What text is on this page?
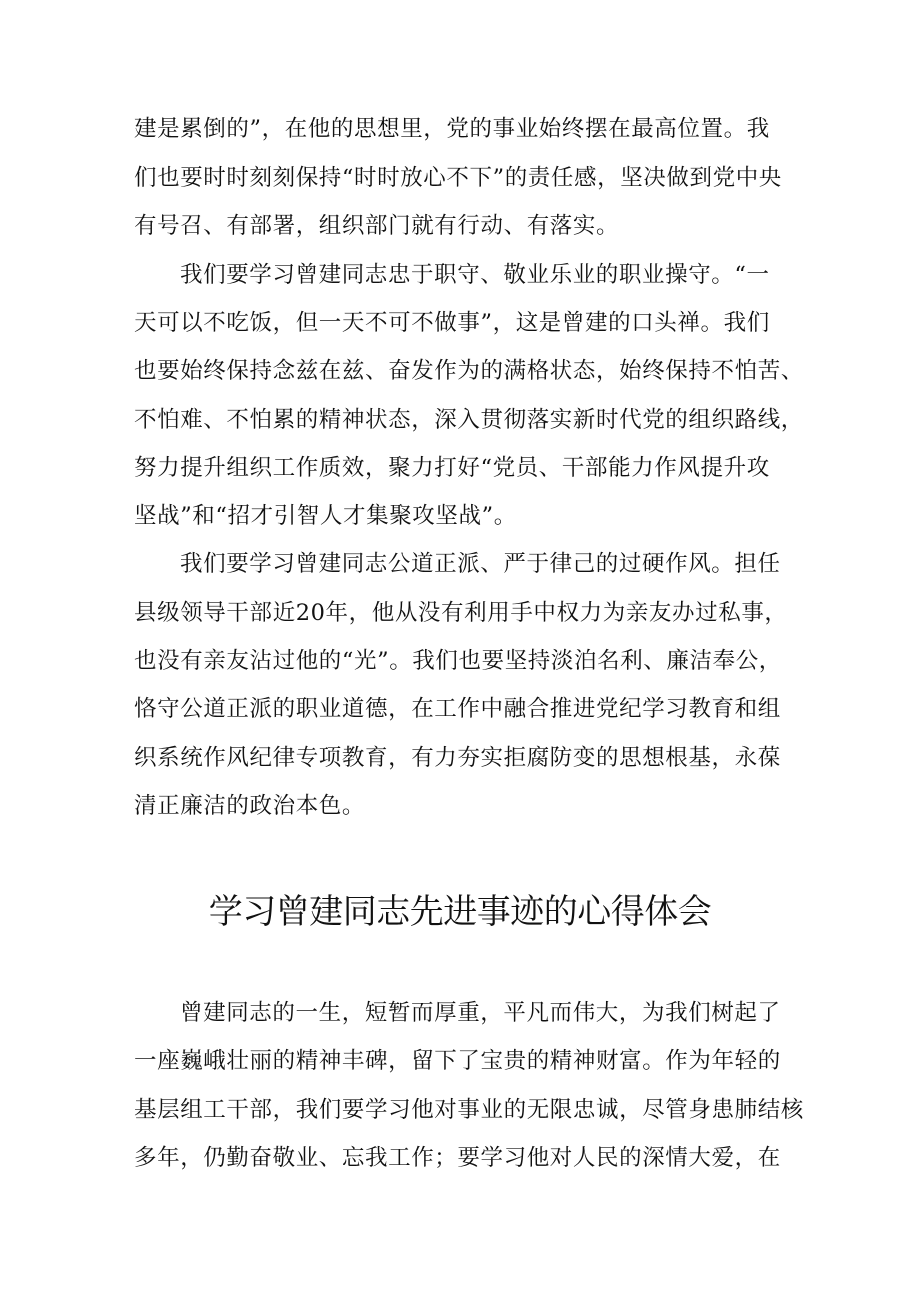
建是累倒的”，在他的思想里，党的事业始终摆在最高位置。我
们也要时时刻刻保持“时时放心不下”的责任感，坚决做到党中央
有号召、有部署，组织部门就有行动、有落实。
我们要学习曾建同志忠于职守、敬业乐业的职业操守。“一
天可以不吃饭，但一天不可不做事”，这是曾建的口头禅。我们
也要始终保持念兹在兹、奋发作为的满格状态，始终保持不怕苦、
不怕难、不怕累的精神状态，深入贯彻落实新时代党的组织路线，
努力提升组织工作质效，聚力打好“党员、干部能力作风提升攻
坚战”和“招才引智人才集聚攻坚战”。
我们要学习曾建同志公道正派、严于律己的过硬作风。担任
县级领导干部近20年，他从没有利用手中权力为亲友办过私事，
也没有亲友沾过他的“光”。我们也要坚持淡泊名利、廉洁奉公，
恪守公道正派的职业道德，在工作中融合推进党纪学习教育和组
织系统作风纪律专项教育，有力夯实拒腐防变的思想根基，永葆
清正廉洁的政治本色。
学习曾建同志先进事迹的心得体会
曾建同志的一生，短暂而厚重，平凡而伟大，为我们树起了
一座巍峨壮丽的精神丰碑，留下了宝贵的精神财富。作为年轻的
基层组工干部，我们要学习他对事业的无限忠诚，尽管身患肺结核
多年，仍勤奋敬业、忘我工作；要学习他对人民的深情大爱，在
